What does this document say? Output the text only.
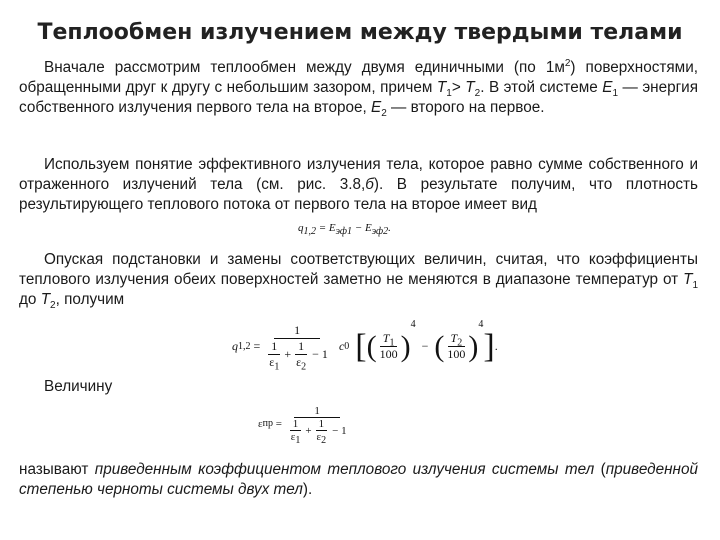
Теплообмен излучением между твердыми телами
Вначале рассмотрим теплообмен между двумя единичными (по $1м^2$) поверхностями, обращенными друг к другу с небольшим зазором, причем $T_1> T_2$. В этой системе $E_1$ — энергия собственного излучения первого тела на второе, $E_2$ — второго на первое.
Используем понятие эффективного излучения тела, которое равно сумме собственного и отраженного излучений тела (см. рис. 3.8,б). В результате получим, что плотность результирующего теплового потока от первого тела на второе имеет вид
$q_{1,2} = E_{эф1} - E_{эф2}$.
Опуская подстановки и замены соответствующих величин, считая, что коэффициенты теплового излучения обеих поверхностей заметно не меняются в диапазоне температур от $T_1$ до $T_2$, получим
q $1,2 = \frac{1}{\frac{1}{\varepsilon_1} + \frac{1}{\varepsilon_2} - 1}$ c 0 [ ( $\frac{T_1}{100}$ )
4
− ( $\frac{T_2}{100}$ )
4
] .
Величину
ε пр = $\frac{1}{\frac{1}{\varepsilon_1} + \frac{1}{\varepsilon_2} - 1}$
называют приведенным коэффициентом теплового излучения системы тел (приведенной степенью черноты системы двух тел).
